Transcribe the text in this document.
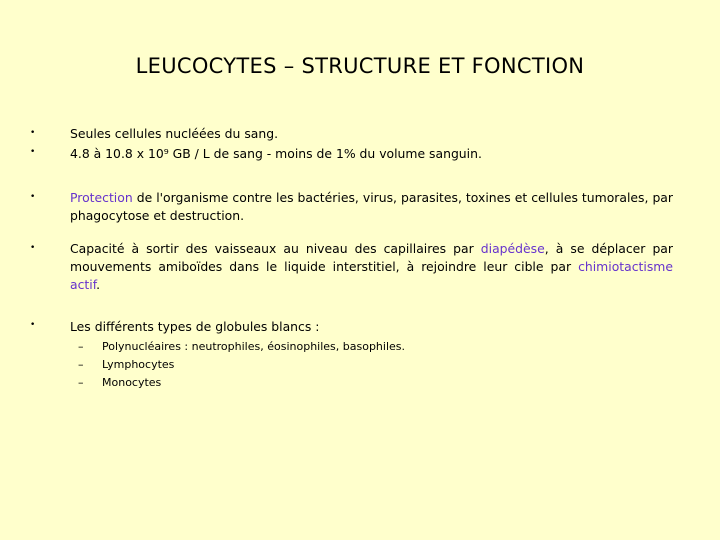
LEUCOCYTES – STRUCTURE ET FONCTION
•
•
•
•
•
Seules cellules nucléées du sang.
4.8 à 10.8 x 10⁹ GB / L de sang - moins de 1% du volume sanguin.
Protection de l'organisme contre les bactéries, virus, parasites, toxines et cellules tumorales, par phagocytose et destruction.
Capacité à sortir des vaisseaux au niveau des capillaires par diapédèse, à se déplacer par mouvements amiboïdes dans le liquide interstitiel, à rejoindre leur cible par chimiotactisme actif.
Les différents types de globules blancs :
–
–
–
Polynucléaires : neutrophiles, éosinophiles, basophiles.
Lymphocytes
Monocytes
